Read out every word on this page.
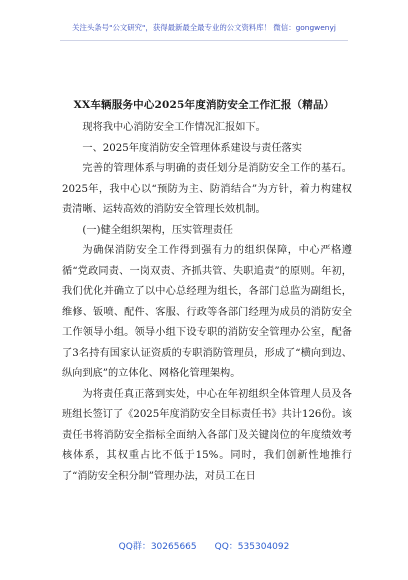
关注头条号"公文研究"，获得最新最全最专业的公文资料库！ 微信：gongwenyj
XX车辆服务中心2025年度消防安全工作汇报（精品）

现将我中心消防安全工作情况汇报如下。

一、2025年度消防安全管理体系建设与责任落实

完善的管理体系与明确的责任划分是消防安全工作的基石。2025年，我中心以“预防为主、防消结合”为方针，着力构建权责清晰、运转高效的消防安全管理长效机制。

(一)健全组织架构，压实管理责任

为确保消防安全工作得到强有力的组织保障，中心严格遵循“党政同责、一岗双责、齐抓共管、失职追责”的原则。年初，我们优化并确立了以中心总经理为组长，各部门总监为副组长，维修、钣喷、配件、客服、行政等各部门经理为成员的消防安全工作领导小组。领导小组下设专职的消防安全管理办公室，配备了3名持有国家认证资质的专职消防管理员，形成了“横向到边、纵向到底”的立体化、网格化管理架构。

为将责任真正落到实处，中心在年初组织全体管理人员及各班组长签订了《2025年度消防安全目标责任书》共计126份。该责任书将消防安全指标全面纳入各部门及关键岗位的年度绩效考核体系，其权重占比不低于15%。同时，我们创新性地推行了“消防安全积分制”管理办法，对员工在日

QQ群：30265665 QQ：535304092
